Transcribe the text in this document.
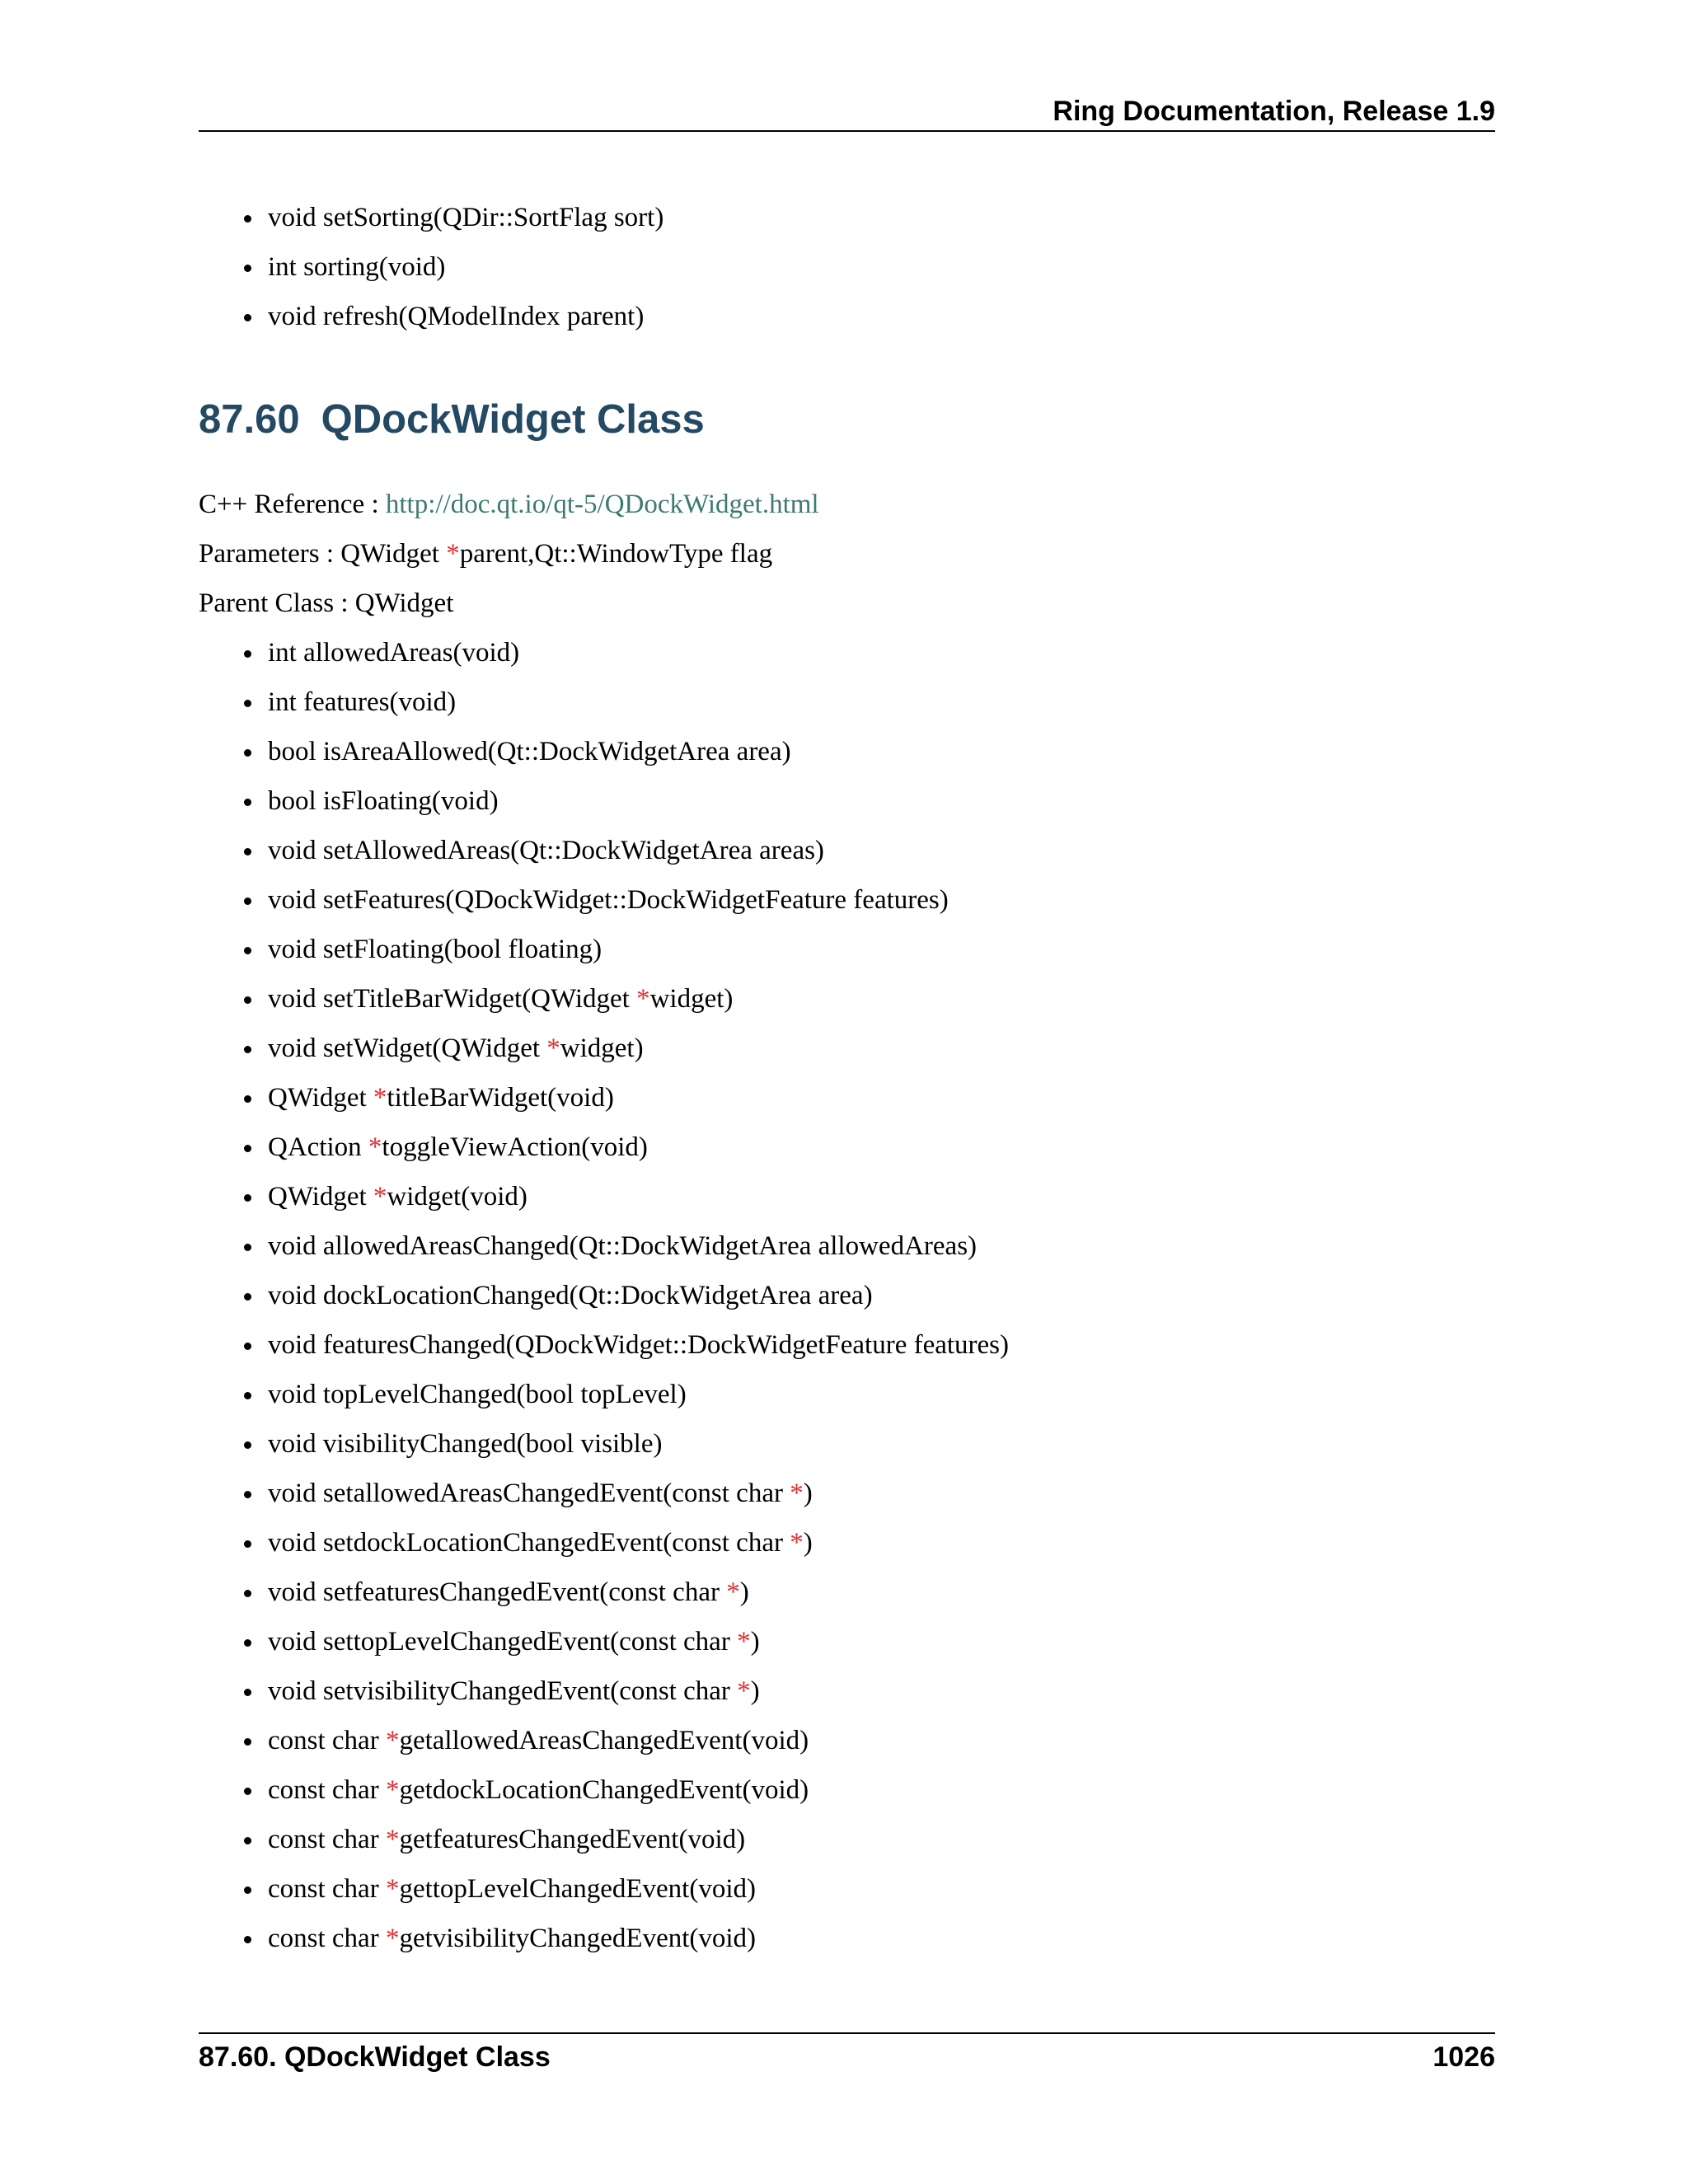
Ring Documentation, Release 1.9
void setSorting(QDir::SortFlag sort)
int sorting(void)
void refresh(QModelIndex parent)
87.60 QDockWidget Class
C++ Reference : http://doc.qt.io/qt-5/QDockWidget.html
Parameters : QWidget *parent,Qt::WindowType flag
Parent Class : QWidget
int allowedAreas(void)
int features(void)
bool isAreaAllowed(Qt::DockWidgetArea area)
bool isFloating(void)
void setAllowedAreas(Qt::DockWidgetArea areas)
void setFeatures(QDockWidget::DockWidgetFeature features)
void setFloating(bool floating)
void setTitleBarWidget(QWidget *widget)
void setWidget(QWidget *widget)
QWidget *titleBarWidget(void)
QAction *toggleViewAction(void)
QWidget *widget(void)
void allowedAreasChanged(Qt::DockWidgetArea allowedAreas)
void dockLocationChanged(Qt::DockWidgetArea area)
void featuresChanged(QDockWidget::DockWidgetFeature features)
void topLevelChanged(bool topLevel)
void visibilityChanged(bool visible)
void setallowedAreasChangedEvent(const char *)
void setdockLocationChangedEvent(const char *)
void setfeaturesChangedEvent(const char *)
void settopLevelChangedEvent(const char *)
void setvisibilityChangedEvent(const char *)
const char *getallowedAreasChangedEvent(void)
const char *getdockLocationChangedEvent(void)
const char *getfeaturesChangedEvent(void)
const char *gettopLevelChangedEvent(void)
const char *getvisibilityChangedEvent(void)
87.60. QDockWidget Class	1026
